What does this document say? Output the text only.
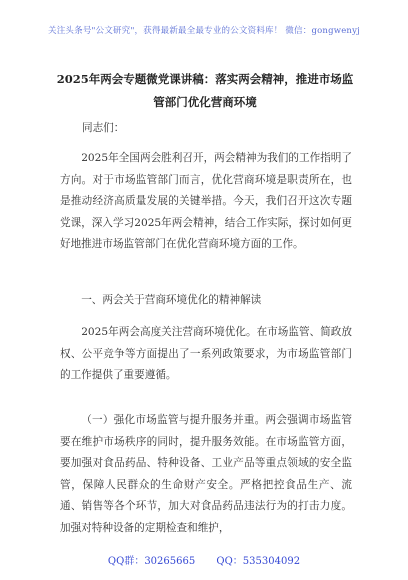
关注头条号"公文研究"，获得最新最全最专业的公文资料库！ 微信：gongwenyj
2025年两会专题微党课讲稿：落实两会精神，推进市场监
管部门优化营商环境
同志们：
2025年全国两会胜利召开，两会精神为我们的工作指明了方向。对于市场监管部门而言，优化营商环境是职责所在，也是推动经济高质量发展的关键举措。今天，我们召开这次专题党课，深入学习2025年两会精神，结合工作实际，探讨如何更好地推进市场监管部门在优化营商环境方面的工作。
一、两会关于营商环境优化的精神解读
2025年两会高度关注营商环境优化。在市场监管、简政放权、公平竞争等方面提出了一系列政策要求，为市场监管部门的工作提供了重要遵循。
（一）强化市场监管与提升服务并重。两会强调市场监管要在维护市场秩序的同时，提升服务效能。在市场监管方面，要加强对食品药品、特种设备、工业产品等重点领域的安全监管，保障人民群众的生命财产安全。严格把控食品生产、流通、销售等各个环节，加大对食品药品违法行为的打击力度。加强对特种设备的定期检查和维护，
QQ群：30265665 QQ：535304092
